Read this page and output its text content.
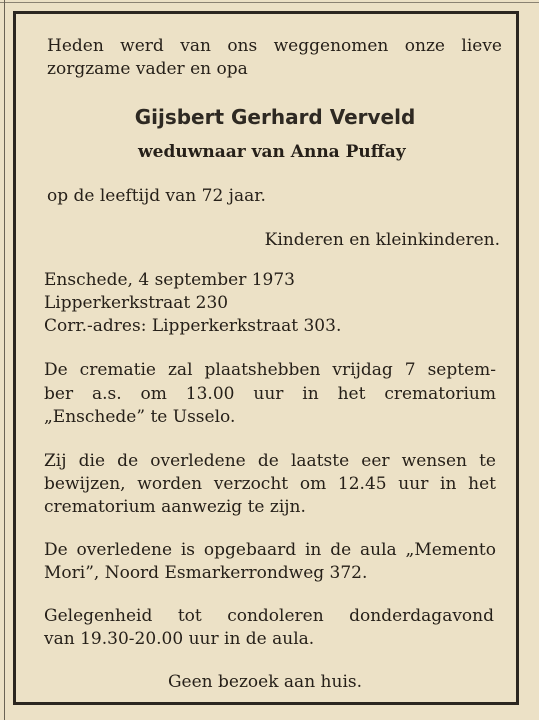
Heden werd van ons weggenomen onze lieve

zorgzame vader en opa

Gijsbert Gerhard Verveld

weduwnaar van Anna Puffay

op de leeftijd van 72 jaar.

Kinderen en kleinkinderen.

Enschede, 4 september 1973

Lipperkerkstraat 230

Corr.-adres: Lipperkerkstraat 303.

De crematie zal plaatshebben vrijdag 7 septem-

ber a.s. om 13.00 uur in het crematorium

„Enschede” te Usselo.

Zij die de overledene de laatste eer wensen te

bewijzen, worden verzocht om 12.45 uur in het

crematorium aanwezig te zijn.

De overledene is opgebaard in de aula „Memento

Mori”, Noord Esmarkerrondweg 372.

Gelegenheid tot condoleren donderdagavond

van 19.30-20.00 uur in de aula.

Geen bezoek aan huis.
